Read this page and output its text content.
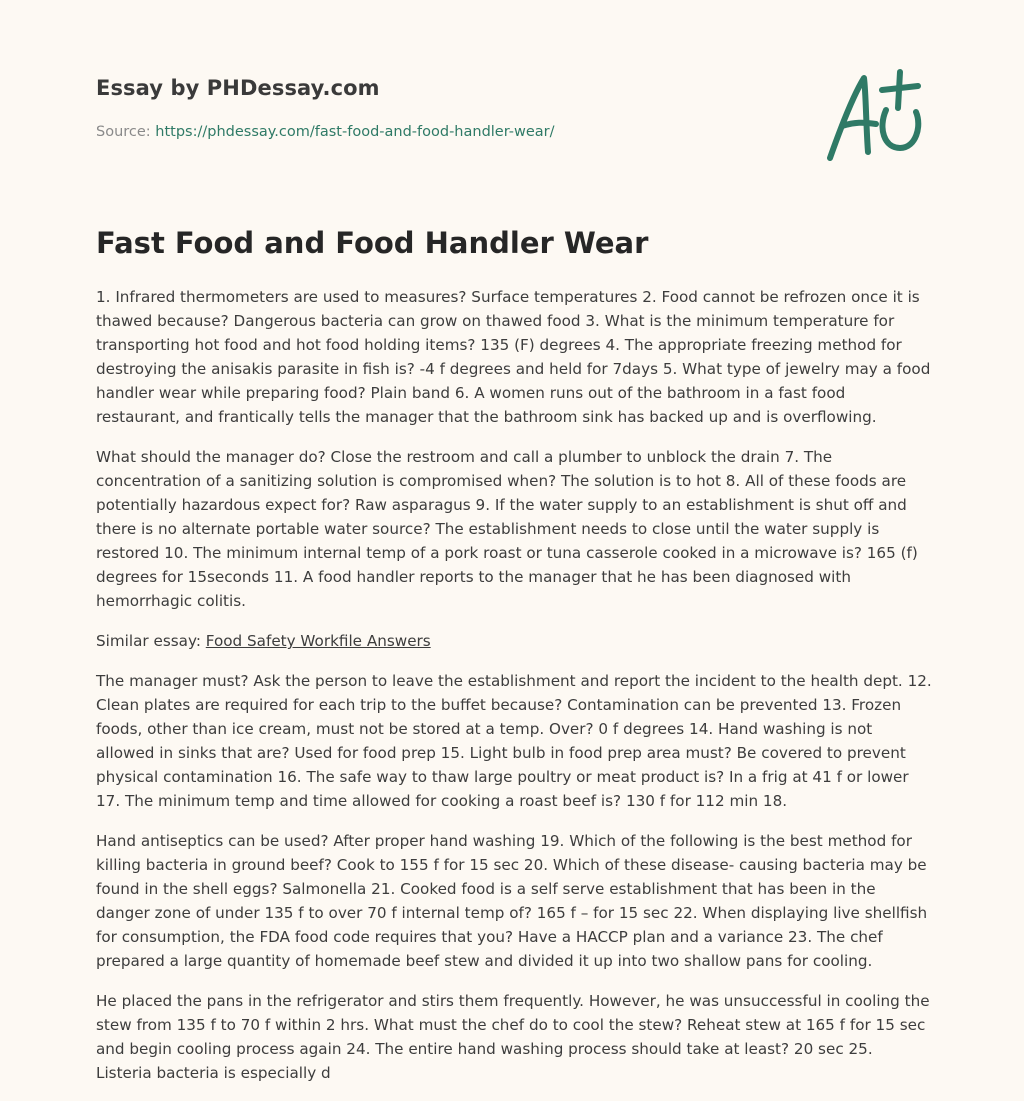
Essay by PHDessay.com
Source: https://phdessay.com/fast-food-and-food-handler-wear/
Fast Food and Food Handler Wear

1. Infrared thermometers are used to measures? Surface temperatures 2. Food cannot be refrozen once it is thawed because? Dangerous bacteria can grow on thawed food 3. What is the minimum temperature for transporting hot food and hot food holding items? 135 (F) degrees 4. The appropriate freezing method for destroying the anisakis parasite in fish is? -4 f degrees and held for 7days 5. What type of jewelry may a food handler wear while preparing food? Plain band 6. A women runs out of the bathroom in a fast food restaurant, and frantically tells the manager that the bathroom sink has backed up and is overflowing.

What should the manager do? Close the restroom and call a plumber to unblock the drain 7. The concentration of a sanitizing solution is compromised when? The solution is to hot 8. All of these foods are potentially hazardous expect for? Raw asparagus 9. If the water supply to an establishment is shut off and there is no alternate portable water source? The establishment needs to close until the water supply is restored 10. The minimum internal temp of a pork roast or tuna casserole cooked in a microwave is? 165 (f) degrees for 15seconds 11. A food handler reports to the manager that he has been diagnosed with hemorrhagic colitis.

Similar essay: Food Safety Workfile Answers

The manager must? Ask the person to leave the establishment and report the incident to the health dept. 12. Clean plates are required for each trip to the buffet because? Contamination can be prevented 13. Frozen foods, other than ice cream, must not be stored at a temp. Over? 0 f degrees 14. Hand washing is not allowed in sinks that are? Used for food prep 15. Light bulb in food prep area must? Be covered to prevent physical contamination 16. The safe way to thaw large poultry or meat product is? In a frig at 41 f or lower 17. The minimum temp and time allowed for cooking a roast beef is? 130 f for 112 min 18.

Hand antiseptics can be used? After proper hand washing 19. Which of the following is the best method for killing bacteria in ground beef? Cook to 155 f for 15 sec 20. Which of these disease- causing bacteria may be found in the shell eggs? Salmonella 21. Cooked food is a self serve establishment that has been in the danger zone of under 135 f to over 70 f internal temp of? 165 f – for 15 sec 22. When displaying live shellfish for consumption, the FDA food code requires that you? Have a HACCP plan and a variance 23. The chef prepared a large quantity of homemade beef stew and divided it up into two shallow pans for cooling.

He placed the pans in the refrigerator and stirs them frequently. However, he was unsuccessful in cooling the stew from 135 f to 70 f within 2 hrs. What must the chef do to cool the stew? Reheat stew at 165 f for 15 sec and begin cooling process again 24. The entire hand washing process should take at least? 20 sec 25. Listeria bacteria is especially d
